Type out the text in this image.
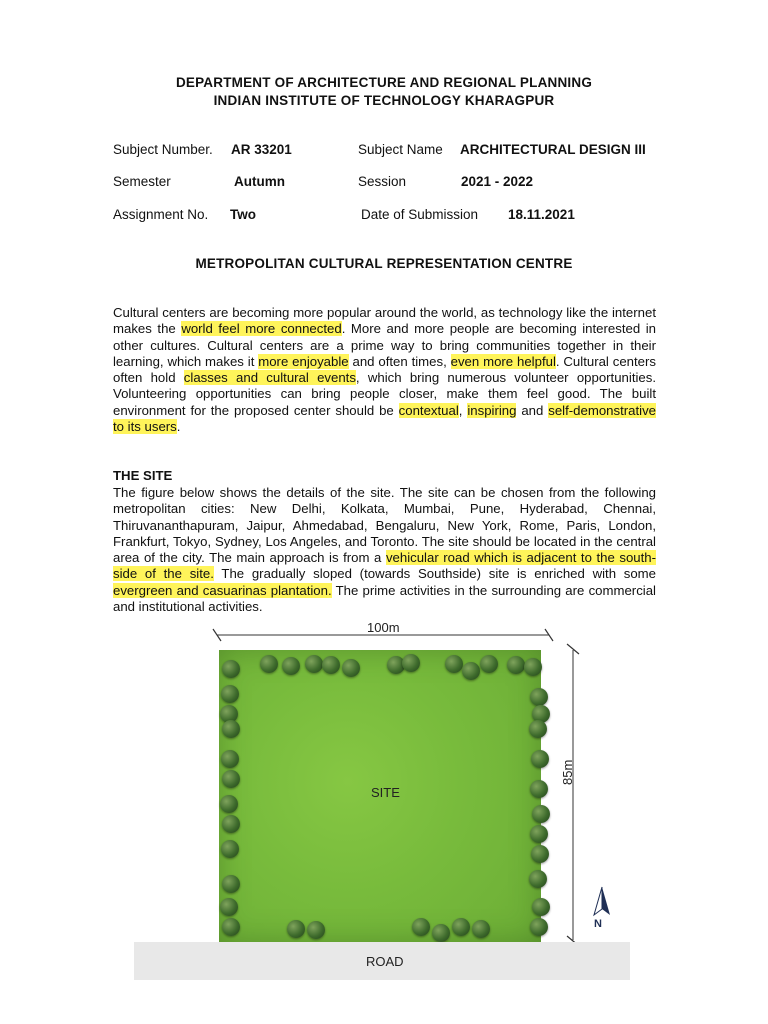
DEPARTMENT OF ARCHITECTURE AND REGIONAL PLANNING
INDIAN INSTITUTE OF TECHNOLOGY KHARAGPUR
Subject Number. AR 33201	Subject Name ARCHITECTURAL DESIGN III
Semester	Autumn	Session	2021 - 2022
Assignment No. Two	Date of Submission 18.11.2021
METROPOLITAN CULTURAL REPRESENTATION CENTRE
Cultural centers are becoming more popular around the world, as technology like the internet makes the world feel more connected. More and more people are becoming interested in other cultures. Cultural centers are a prime way to bring communities together in their learning, which makes it more enjoyable and often times, even more helpful. Cultural centers often hold classes and cultural events, which bring numerous volunteer opportunities. Volunteering opportunities can bring people closer, make them feel good. The built environment for the proposed center should be contextual, inspiring and self-demonstrative to its users.
THE SITE
The figure below shows the details of the site. The site can be chosen from the following metropolitan cities: New Delhi, Kolkata, Mumbai, Pune, Hyderabad, Chennai, Thiruvananthapuram, Jaipur, Ahmedabad, Bengaluru, New York, Rome, Paris, London, Frankfurt, Tokyo, Sydney, Los Angeles, and Toronto. The site should be located in the central area of the city. The main approach is from a vehicular road which is adjacent to the south-side of the site. The gradually sloped (towards Southside) site is enriched with some evergreen and casuarinas plantation. The prime activities in the surrounding are commercial and institutional activities.
100m
85m
SITE
N
ROAD
